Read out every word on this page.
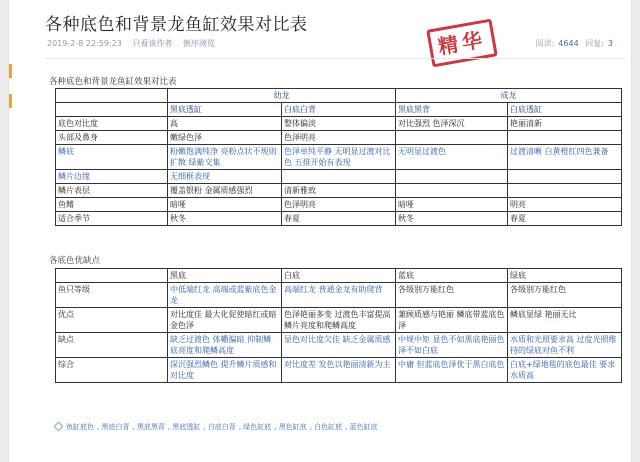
各种底色和背景龙鱼缸效果对比表
2019-2-8 22:59:23 只看该作者 倒序浏览	阅读: 4644 回复: 3
精华
各种底色和背景龙鱼缸效果对比表
	幼龙		成龙	
	黑底透缸	白底白背	黑底黑背	白底透缸
底色对比度	高	整体偏淡	对比强烈 色泽深沉	艳丽清新
头部及鼻身	嫩绿色泽	色泽明亮		
鳞底	粉嫩饱满纯净 亮粉点状不规则扩散 绿紫交集	色泽单纯平静 无明显过渡对比色 五排开始有表现	无明显过渡色	过渡清晰 白黄橙红四色兼备
鳞片边缘	无细框表现			
鳞片表层	覆盖银粉 金属质感强烈	清新雅致		
鱼鳍	暗哑	色泽明亮	暗哑	明亮
适合季节	秋冬	春夏	秋冬	春夏
各底色优缺点
	黑底	白底	蓝底	绿底
鱼只等级	中低端红龙 高端或蓝紫底色金龙	高端红龙 普通金龙有助爬背	各级别万能红色	各级别万能红色
优点	对比度佳 最大化促使暗红或暗金色泽	色泽艳丽多变 过渡色丰富提高鳞片亮度和爬鳞高度	兼顾质感与艳丽 鳞底带蓝底色泽	鳞底显绿 艳丽无比
缺点	缺乏过渡色 体幡偏暗 抑制鳞底亮度和爬鳞高度	显色对比度欠佳 缺乏金属质感	中规中矩 显色不如黑底艳丽色泽不如白底	水质和光照要求高 过度光照维持的绿底对鱼不利
综合	深沉强烈鳞色 提升鳞片质感和对比度	对比度差 发色以艳丽清新为主	中庸 但蓝底色泽优于黑白底色	白底+绿地毯的底色最佳 要求水质高
鱼缸底色 , 黑底白背 , 黑底黑背 , 黑底透缸 , 白底白背 , 绿色缸底 , 黑色缸底 , 白色缸底 , 蓝色缸底
